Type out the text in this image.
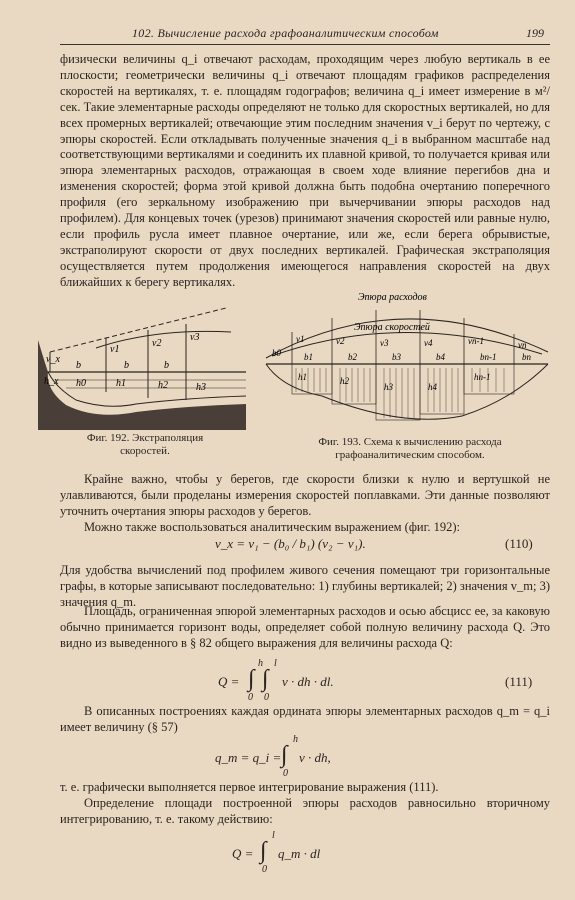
102. Вычисление расхода графоаналитическим способом	199

физически величины q_i отвечают расходам, проходящим через любую вертикаль в ее плоскости; геометрически величины q_i отвечают площадям графиков распределения скоростей на вертикалях, т. е. площадям годографов; величина q_i имеет измерение в м²/сек. Такие элементарные расходы определяют не только для скоростных вертикалей, но для всех промерных вертикалей; отвечающие этим последним значения v_i берут по чертежу, с эпюры скоростей. Если откладывать полученные значения q_i в выбранном масштабе над соответствующими вертикалями и соединить их плавной кривой, то получается кривая или эпюра элементарных расходов, отражающая в своем ходе влияние перегибов дна и изменения скоростей; форма этой кривой должна быть подобна очертанию поперечного профиля (его зеркальному изображению при вычерчивании эпюры расходов над профилем). Для концевых точек (урезов) принимают значения скоростей или равные нулю, если профиль русла имеет плавное очертание, или же, если берега обрывистые, экстраполируют скорости от двух последних вертикалей. Графическая экстраполяция осуществляется путем продолжения имеющегося направления скоростей на двух ближайших к берегу вертикалях.

v_x
v1
v2
v3
b	b	b
h_x h0	h1	h2	h3
Фиг. 192. Экстраполяция
скоростей.
Эпюра расходов
Эпюра скоростей
v1	v2	v3	v4	vn-1	vn
b0	b1	b2	b3	b4	bn-1	bn
h1	h2
h3	h4
hn-1
Фиг. 193. Схема к вычислению расхода
графоаналитическим способом.

Крайне важно, чтобы у берегов, где скорости близки к нулю и вертушкой не улавливаются, были проделаны измерения скоростей поплавками. Эти данные позволяют уточнить очертания эпюры расходов у берегов.

Можно также воспользоваться аналитическим выражением (фиг. 192):

v_x = v₁ − (b₀ / b₁) (v₂ − v₁).	(110)

Для удобства вычислений под профилем живого сечения помещают три горизонтальные графы, в которые записывают последовательно: 1) глубины вертикалей; 2) значения v_m; 3) значения q_m.

Площадь, ограниченная эпюрой элементарных расходов и осью абсцисс ее, за каковую обычно принимается горизонт воды, определяет собой полную величину расхода Q. Это видно из выведенного в § 82 общего выражения для величины расхода Q:

Q = ∫
h
0
∫
l
0
v · dh · dl.	(111)

В описанных построениях каждая ордината эпюры элементарных расходов q_m = q_i имеет величину (§ 57)

q_m = q_i = ∫
h
0
v · dh,

т. е. графически выполняется первое интегрирование выражения (111).

Определение площади построенной эпюры расходов равносильно вторичному интегрированию, т. е. такому действию:

Q = ∫
l
0
q_m · dl
